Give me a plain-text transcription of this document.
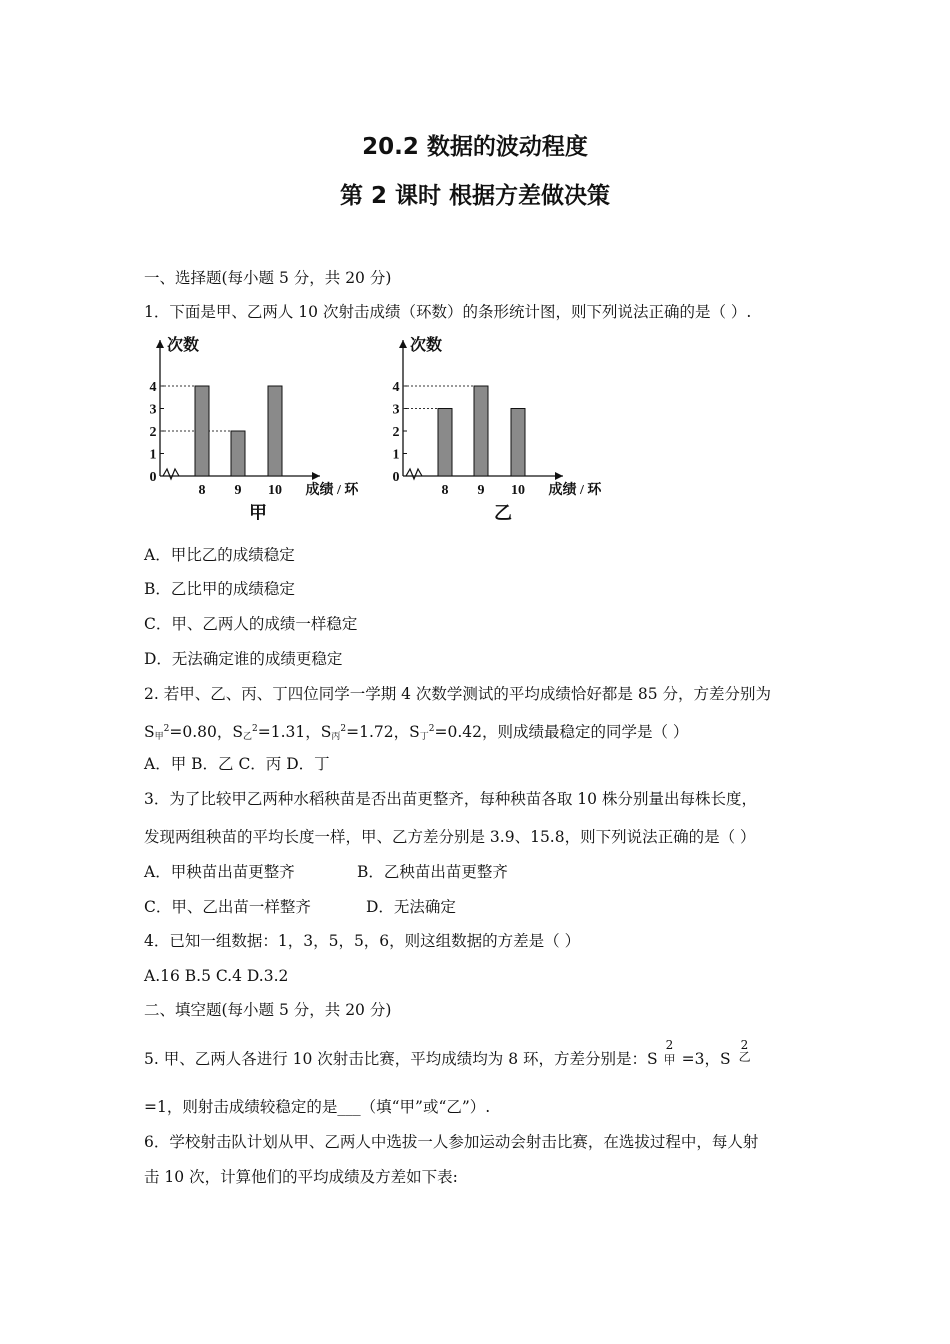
20.2 数据的波动程度
第 2 课时 根据方差做决策
一、选择题(每小题 5 分，共 20 分)
1．下面是甲、乙两人 10 次射击成绩（环数）的条形统计图，则下列说法正确的是（ ）.
0
1
2
3
4
8 9 10
次数
成绩 / 环
甲
0
1
2
3
4
8 9 10
次数
成绩 / 环
乙
A．甲比乙的成绩稳定
B．乙比甲的成绩稳定
C．甲、乙两人的成绩一样稳定
D．无法确定谁的成绩更稳定
2. 若甲、乙、丙、丁四位同学一学期 4 次数学测试的平均成绩恰好都是 85 分，方差分别为
$S_甲^2=0.80$，$S_乙^2=1.31$，$S_丙^2=1.72$，$S_丁^2=0.42$，则成绩最稳定的同学是（ ）
A．甲 B．乙 C．丙 D．丁
3．为了比较甲乙两种水稻秧苗是否出苗更整齐，每种秧苗各取 10 株分别量出每株长度，
发现两组秧苗的平均长度一样，甲、乙方差分别是 3.9、15.8，则下列说法正确的是（ ）
A．甲秧苗出苗更整齐	B．乙秧苗出苗更整齐
C．甲、乙出苗一样整齐	D．无法确定
4．已知一组数据：1，3，5，5，6，则这组数据的方差是（ ）
A.16 B.5 C.4 D.3.2
二、填空题(每小题 5 分，共 20 分)
5. 甲、乙两人各进行 10 次射击比赛，平均成绩均为 8 环，方差分别是：S
2
甲 =3，S
2
乙
=1，则射击成绩较稳定的是___（填“甲”或“乙”）.
6．学校射击队计划从甲、乙两人中选拔一人参加运动会射击比赛，在选拔过程中，每人射
击 10 次，计算他们的平均成绩及方差如下表:
